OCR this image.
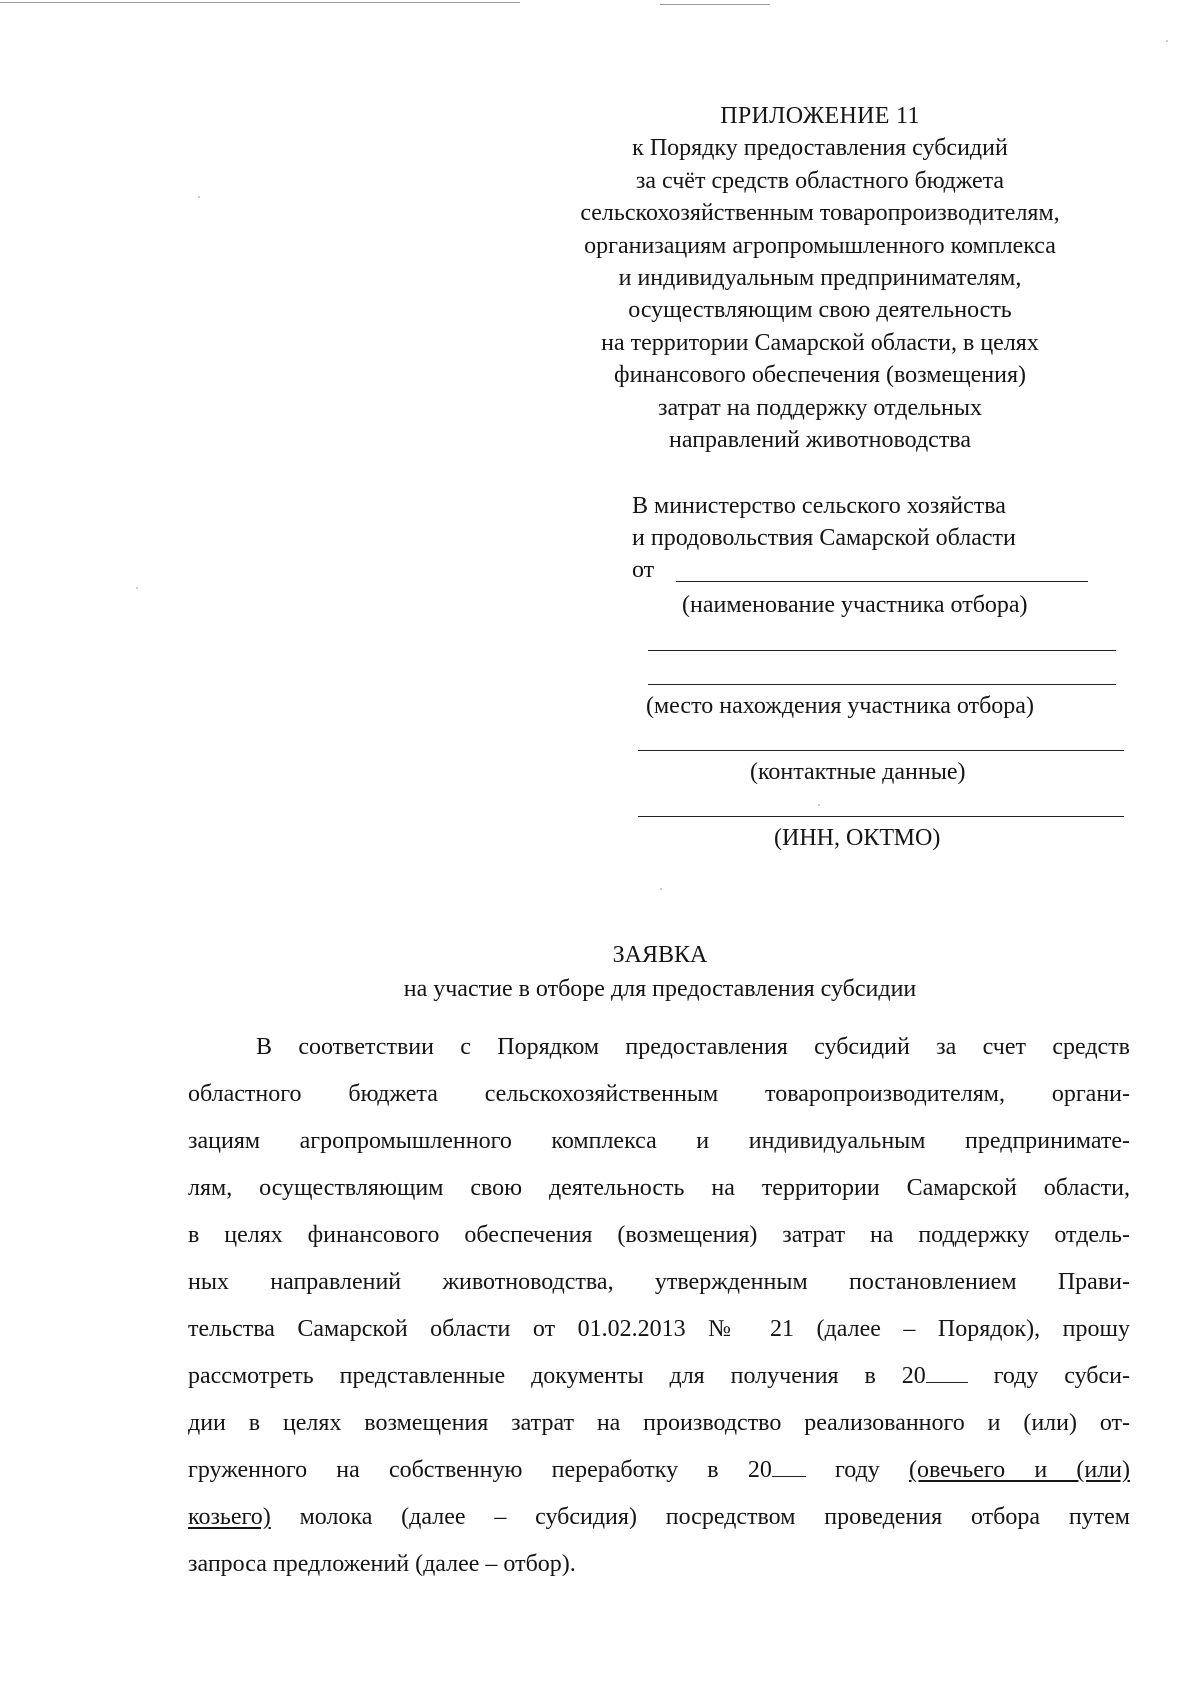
ПРИЛОЖЕНИЕ 11
к Порядку предоставления субсидий
за счёт средств областного бюджета
сельскохозяйственным товаропроизводителям,
организациям агропромышленного комплекса
и индивидуальным предпринимателям,
осуществляющим свою деятельность
на территории Самарской области, в целях
финансового обеспечения (возмещения)
затрат на поддержку отдельных
направлений животноводства
В министерство сельского хозяйства
и продовольствия Самарской области
от
(наименование участника отбора)
(место нахождения участника отбора)
(контактные данные)
(ИНН, ОКТМО)
ЗАЯВКА
на участие в отборе для предоставления субсидии
В соответствии с Порядком предоставления субсидий за счет средств
областного бюджета сельскохозяйственным товаропроизводителям, органи-
зациям агропромышленного комплекса и индивидуальным предпринимате-
лям, осуществляющим свою деятельность на территории Самарской области,
в целях финансового обеспечения (возмещения) затрат на поддержку отдель-
ных направлений животноводства, утвержденным постановлением Прави-
тельства Самарской области от 01.02.2013 № 21 (далее – Порядок), прошу
рассмотреть представленные документы для получения в 20 году субси-
дии в целях возмещения затрат на производство реализованного и (или) от-
груженного на собственную переработку в 20 году (овечьего и (или)
козьего) молока (далее – субсидия) посредством проведения отбора путем
запроса предложений (далее – отбор).
